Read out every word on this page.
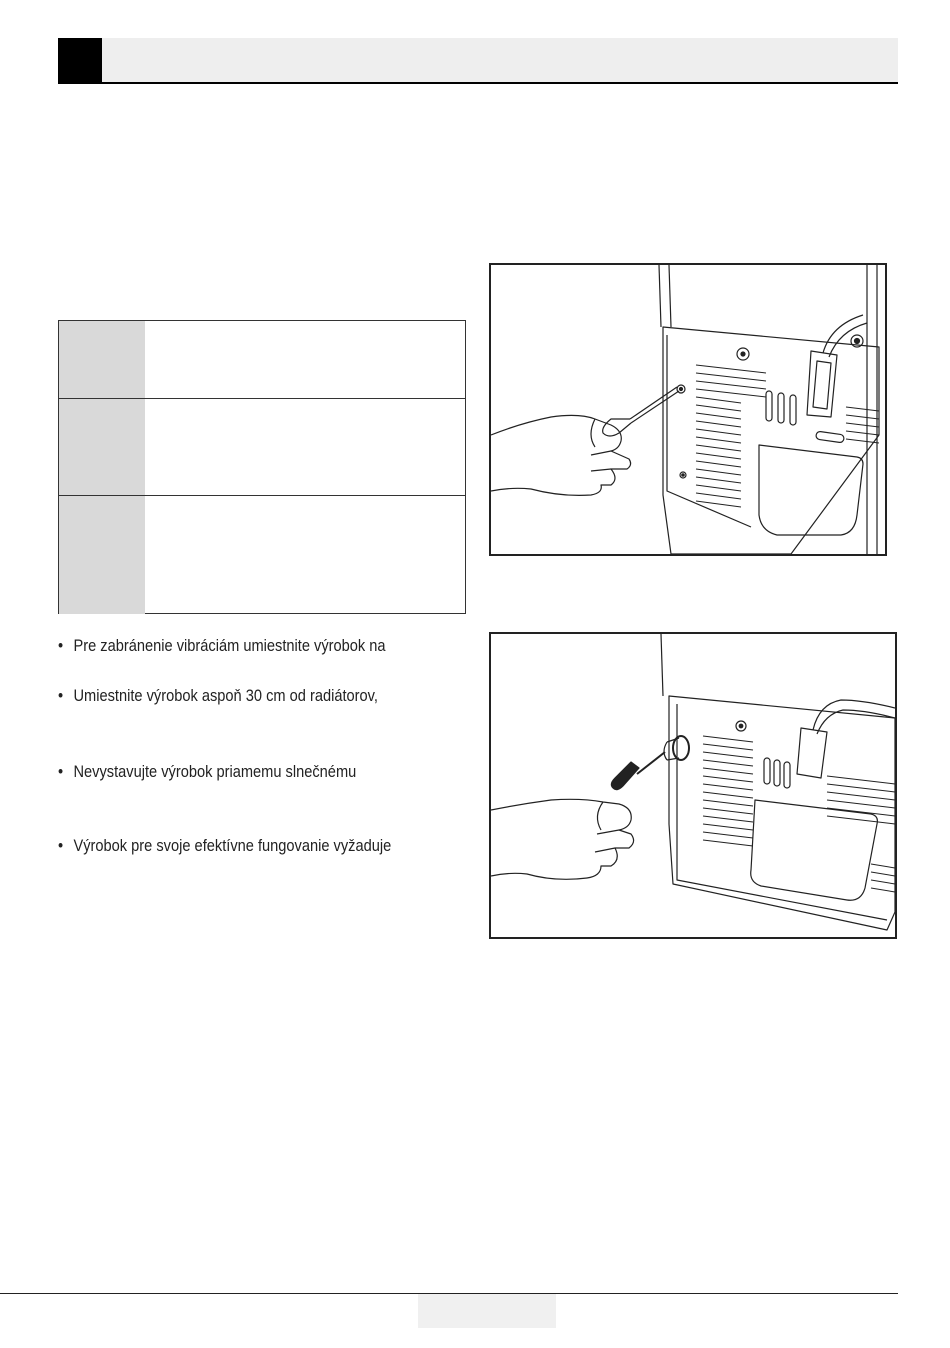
• Pre zabránenie vibráciám umiestnite výrobok na
• Umiestnite výrobok aspoň 30 cm od radiátorov,
• Nevystavujte výrobok priamemu slnečnému
• Výrobok pre svoje efektívne fungovanie vyžaduje
